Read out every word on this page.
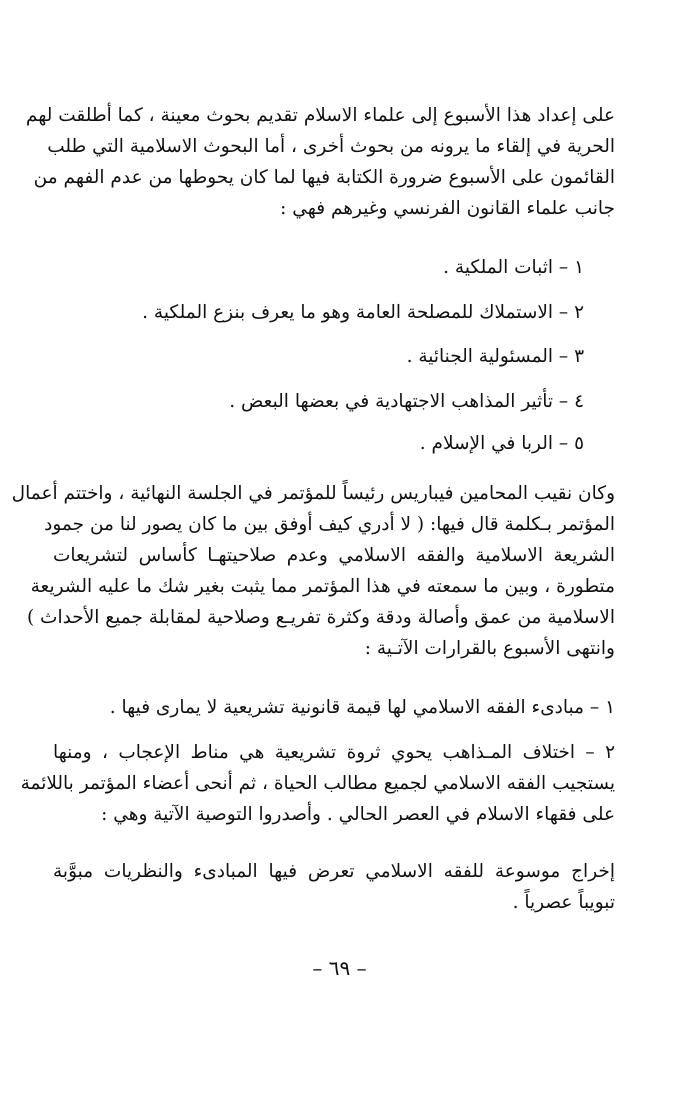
على إعداد هذا الأسبوع إلى علماء الاسلام تقديم بحوث معينة ، كما أطلقت لهم
الحرية في إلقاء ما يرونه من بحوث أخرى ، أما البحوث الاسلامية التي طلب
القائمون على الأسبوع ضرورة الكتابة فيها لما كان يحوطها من عدم الفهم من
جانب علماء القانون الفرنسي وغيرهم فهي :
١ – اثبات الملكية .
٢ – الاستملاك للمصلحة العامة وهو ما يعرف بنزع الملكية .
٣ – المسئولية الجنائية .
٤ – تأثير المذاهب الاجتهادية في بعضها البعض .
٥ – الربا في الإسلام .
وكان نقيب المحامين فيباريس رئيساً للمؤتمر في الجلسة النهائية ، واختتم أعمال
المؤتمر بـكلمة قال فيها: ( لا أدري كيف أوفق بين ما كان يصور لنا من جمود
الشريعة الاسلامية والفقه الاسلامي وعدم صلاحيتهـا كأساس لتشريعات
متطورة ، وبين ما سمعته في هذا المؤتمر مما يثبت بغير شك ما عليه الشريعة
الاسلامية من عمق وأصالة ودقة وكثرة تفريـع وصلاحية لمقابلة جميع الأحداث )
وانتهى الأسبوع بالقرارات الآتـية :
١ – مبادىء الفقه الاسلامي لها قيمة قانونية تشريعية لا يمارى فيها .
٢ – اختلاف المـذاهب يحوي ثروة تشريعية هي مناط الإعجاب ، ومنها
يستجيب الفقه الاسلامي لجميع مطالب الحياة ، ثم أنحى أعضاء المؤتمر باللائمة
على فقهاء الاسلام في العصر الحالي . وأصدروا التوصية الآتية وهي :
إخراج موسوعة للفقه الاسلامي تعرض فيها المبادىء والنظريات مبوَّبة
تبويباً عصرياً .
– ٦٩ –
